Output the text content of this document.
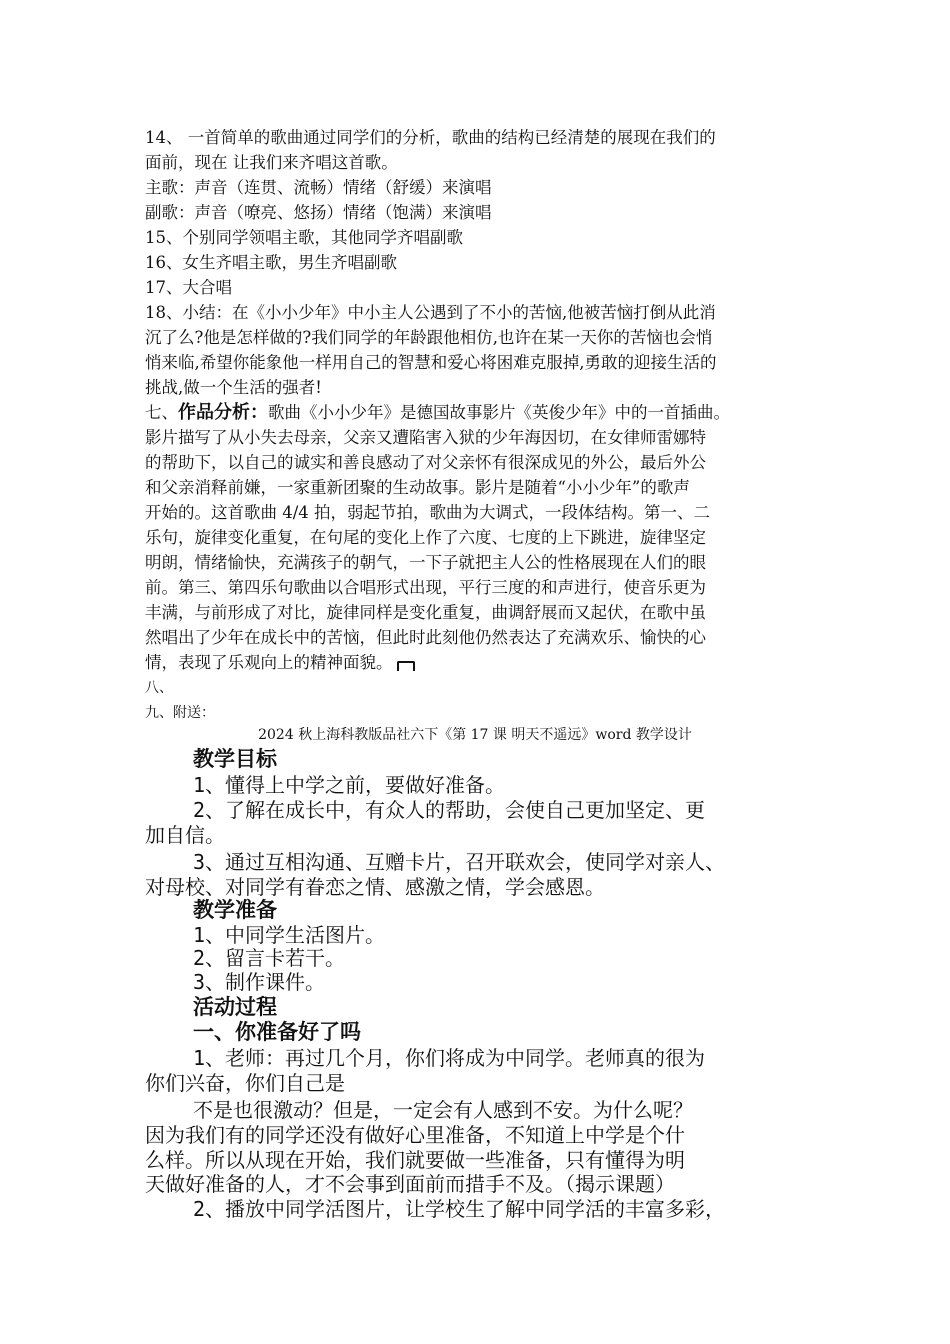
14、 一首简单的歌曲通过同学们的分析，歌曲的结构已经清楚的展现在我们的
面前，现在 让我们来齐唱这首歌。
主歌：声音（连贯、流畅）情绪（舒缓）来演唱
副歌：声音（嘹亮、悠扬）情绪（饱满）来演唱
15、个别同学领唱主歌，其他同学齐唱副歌
16、女生齐唱主歌，男生齐唱副歌
17、大合唱
18、小结：在《小小少年》中小主人公遇到了不小的苦恼,他被苦恼打倒从此消
沉了么?他是怎样做的?我们同学的年龄跟他相仿,也许在某一天你的苦恼也会悄
悄来临,希望你能象他一样用自己的智慧和爱心将困难克服掉,勇敢的迎接生活的
挑战,做一个生活的强者!
七、作品分析：歌曲《小小少年》是德国故事影片《英俊少年》中的一首插曲。
影片描写了从小失去母亲，父亲又遭陷害入狱的少年海因切，在女律师雷娜特
的帮助下，以自己的诚实和善良感动了对父亲怀有很深成见的外公，最后外公
和父亲消释前嫌，一家重新团聚的生动故事。影片是随着“小小少年”的歌声
开始的。这首歌曲 4/4 拍，弱起节拍，歌曲为大调式，一段体结构。第一、二
乐句，旋律变化重复，在句尾的变化上作了六度、七度的上下跳进，旋律坚定
明朗，情绪愉快，充满孩子的朝气，一下子就把主人公的性格展现在人们的眼
前。第三、第四乐句歌曲以合唱形式出现，平行三度的和声进行，使音乐更为
丰满，与前形成了对比，旋律同样是变化重复，曲调舒展而又起伏，在歌中虽
然唱出了少年在成长中的苦恼，但此时此刻他仍然表达了充满欢乐、愉快的心
情，表现了乐观向上的精神面貌。
八、
九、附送：
2024 秋上海科教版品社六下《第 17 课 明天不遥远》word 教学设计
教学目标
1、懂得上中学之前，要做好准备。
2、了解在成长中，有众人的帮助，会使自己更加坚定、更
加自信。
3、通过互相沟通、互赠卡片，召开联欢会，使同学对亲人、
对母校、对同学有眷恋之情、感激之情，学会感恩。
教学准备
1、中同学生活图片。
2、留言卡若干。
3、制作课件。
活动过程
一、你准备好了吗
1、老师：再过几个月，你们将成为中同学。老师真的很为
你们兴奋，你们自己是
不是也很激动？但是，一定会有人感到不安。为什么呢？
因为我们有的同学还没有做好心里准备，不知道上中学是个什
么样。所以从现在开始，我们就要做一些准备，只有懂得为明
天做好准备的人，才不会事到面前而措手不及。（揭示课题）
2、播放中同学活图片，让学校生了解中同学活的丰富多彩，
